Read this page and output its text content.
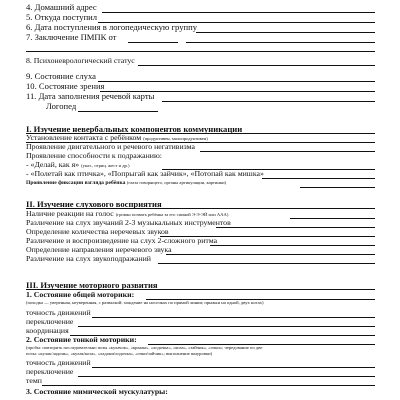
4. Домашний адрес
5. Откуда поступил
6. Дата поступления в логопедическую группу
7. Заключение ПМПК от
8. Психоневрологический статус
9. Состояние слуха
10. Состояние зрения
11. Дата заполнения речевой карты
Логопед
I. Изучение невербальных компонентов коммуникации
Установление контакта с ребёнком (продуктивен, малопродуктивен)
Проявление двигательного и речевого негативизма
Проявление способности к подражанию:
- «Делай, как я» (указ., отриц. жест и др.)
- «Полетай как птичка», «Попрыгай как зайчик», «Потопай как мишка»
Проявление фиксации взгляда ребёнка (глаза говорящего, органы артикуляции, картинки)
II. Изучение слухового восприятия
Наличие реакции на голос (громко позвать ребёнка за его спиной Э-Э-ЭЙ или ААА)
Различение на слух звучаний 2-3 музыкальных инструментов
Определение количества неречевых звуков
Различение и воспроизведение на слух 2-сложного ритма
Определение направления неречевого звука
Различение на слух звукоподражаний
III. Изучение моторного развития
1. Состояние общей моторики:
(походка — уверенная, неуверенная, с развалкой; хождение на носочках по прямой линии; прыжки на одной, двух ногах)
точность движений
переключение
координация
2. Состояние тонкой моторики:
(пробы: повторить последовательно позы «кулачок», «крыша», «лодочка», «коза», «зайчик», «очки»; чередование по две
позы: «кулак/ладонь», «кулак/коза», «ладони/лодочка», «очки/зайчик»; выполнение шнуровки)
точность движений
переключение
темп
3. Состояние мимической мускулатуры:
